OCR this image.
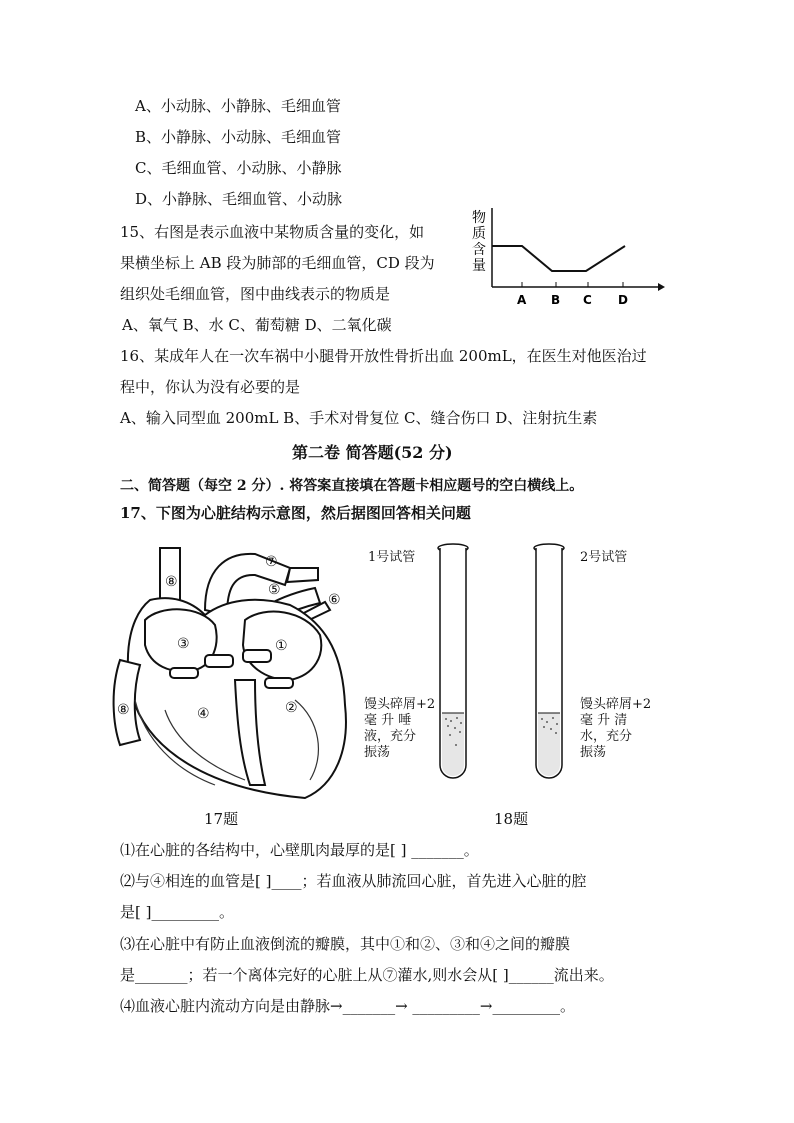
A、小动脉、小静脉、毛细血管
B、小静脉、小动脉、毛细血管
C、毛细血管、小动脉、小静脉
D、小静脉、毛细血管、小动脉
15、右图是表示血液中某物质含量的变化，如
果横坐标上 AB 段为肺部的毛细血管，CD 段为
组织处毛细血管，图中曲线表示的物质是
A、氧气 B、水 C、葡萄糖 D、二氧化碳
物
质
含
量
A B C D
16、某成年人在一次车祸中小腿骨开放性骨折出血 200mL，在医生对他医治过
程中，你认为没有必要的是
A、输入同型血 200mL B、手术对骨复位 C、缝合伤口 D、注射抗生素
第二卷 简答题(52 分)
二、简答题（每空 2 分）. 将答案直接填在答题卡相应题号的空白横线上。
17、下图为心脏结构示意图，然后据图回答相关问题
⑦
⑤
⑥
⑧
③	①
⑧	④	②
1号试管	2号试管
馒头碎屑+2
毫 升 唾
液，充分
振荡
馒头碎屑+2
毫 升 清
水，充分
振荡
17题	18题
⑴在心脏的各结构中，心壁肌肉最厚的是[ ] _______。
⑵与④相连的血管是[ ]____；若血液从肺流回心脏，首先进入心脏的腔
是[ ]_________。
⑶在心脏中有防止血液倒流的瓣膜，其中①和②、③和④之间的瓣膜
是_______；若一个离体完好的心脏上从⑦灌水,则水会从[ ]______流出来。
⑷血液心脏内流动方向是由静脉→_______→ _________→_________。
